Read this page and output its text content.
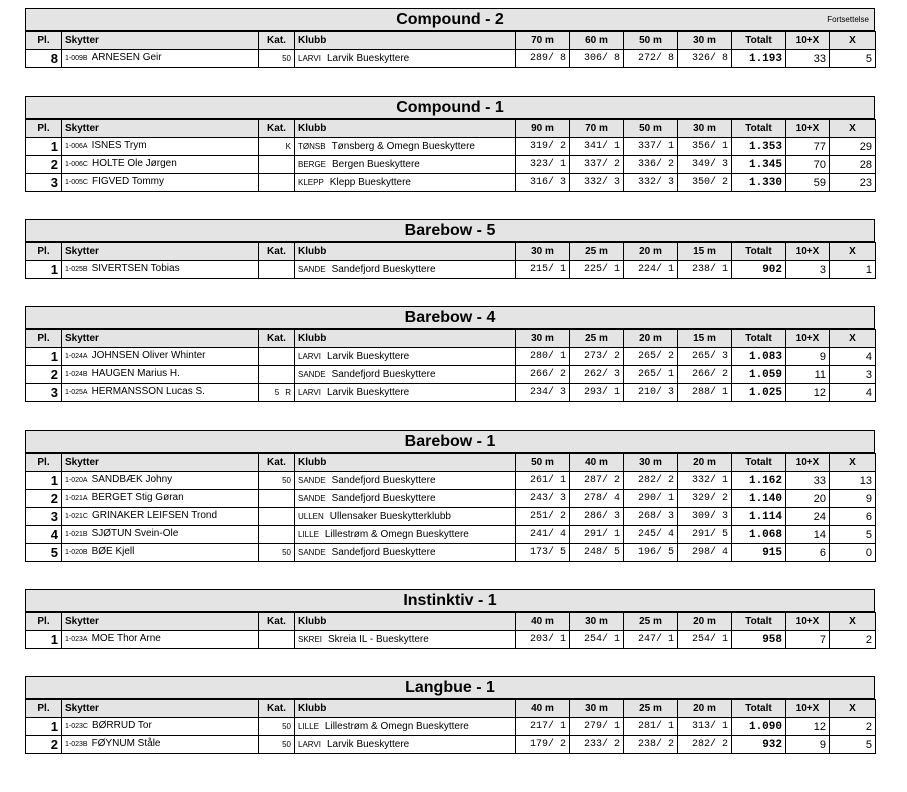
Compound - 2	Fortsettelse
Pl.	Skytter	Kat.	Klubb	70 m	60 m	50 m	30 m	Totalt	10+X	X
8	1-009B ARNESEN Geir	50	LARVI Larvik Bueskyttere	289/ 8	306/ 8	272/ 8	326/ 8	1.193	33	5
Compound - 1
Pl.	Skytter	Kat.	Klubb	90 m	70 m	50 m	30 m	Totalt	10+X	X
1	1-006A ISNES Trym	K	TØNSB Tønsberg & Omegn Bueskyttere	319/ 2	341/ 1	337/ 1	356/ 1	1.353	77	29
2	1-006C HOLTE Ole Jørgen		BERGE Bergen Bueskyttere	323/ 1	337/ 2	336/ 2	349/ 3	1.345	70	28
3	1-005C FIGVED Tommy		KLEPP Klepp Bueskyttere	316/ 3	332/ 3	332/ 3	350/ 2	1.330	59	23
Barebow - 5
Pl.	Skytter	Kat.	Klubb	30 m	25 m	20 m	15 m	Totalt	10+X	X
1	1-025B SIVERTSEN Tobias		SANDE Sandefjord Bueskyttere	215/ 1	225/ 1	224/ 1	238/ 1	902	3	1
Barebow - 4
Pl.	Skytter	Kat.	Klubb	30 m	25 m	20 m	15 m	Totalt	10+X	X
1	1-024A JOHNSEN Oliver Whinter		LARVI Larvik Bueskyttere	280/ 1	273/ 2	265/ 2	265/ 3	1.083	9	4
2	1-024B HAUGEN Marius H.		SANDE Sandefjord Bueskyttere	266/ 2	262/ 3	265/ 1	266/ 2	1.059	11	3
3	1-025A HERMANSSON Lucas S.	5 R	LARVI Larvik Bueskyttere	234/ 3	293/ 1	210/ 3	288/ 1	1.025	12	4
Barebow - 1
Pl.	Skytter	Kat.	Klubb	50 m	40 m	30 m	20 m	Totalt	10+X	X
1	1-020A SANDBÆK Johny	50	SANDE Sandefjord Bueskyttere	261/ 1	287/ 2	282/ 2	332/ 1	1.162	33	13
2	1-021A BERGET Stig Gøran		SANDE Sandefjord Bueskyttere	243/ 3	278/ 4	290/ 1	329/ 2	1.140	20	9
3	1-021C GRINAKER LEIFSEN Trond		ULLEN Ullensaker Bueskytterklubb	251/ 2	286/ 3	268/ 3	309/ 3	1.114	24	6
4	1-021B SJØTUN Svein-Ole		LILLE Lillestrøm & Omegn Bueskyttere	241/ 4	291/ 1	245/ 4	291/ 5	1.068	14	5
5	1-020B BØE Kjell	50	SANDE Sandefjord Bueskyttere	173/ 5	248/ 5	196/ 5	298/ 4	915	6	0
Instinktiv - 1
Pl.	Skytter	Kat.	Klubb	40 m	30 m	25 m	20 m	Totalt	10+X	X
1	1-023A MOE Thor Arne		SKREI Skreia IL - Bueskyttere	203/ 1	254/ 1	247/ 1	254/ 1	958	7	2
Langbue - 1
Pl.	Skytter	Kat.	Klubb	40 m	30 m	25 m	20 m	Totalt	10+X	X
1	1-023C BØRRUD Tor	50	LILLE Lillestrøm & Omegn Bueskyttere	217/ 1	279/ 1	281/ 1	313/ 1	1.090	12	2
2	1-023B FØYNUM Ståle	50	LARVI Larvik Bueskyttere	179/ 2	233/ 2	238/ 2	282/ 2	932	9	5
